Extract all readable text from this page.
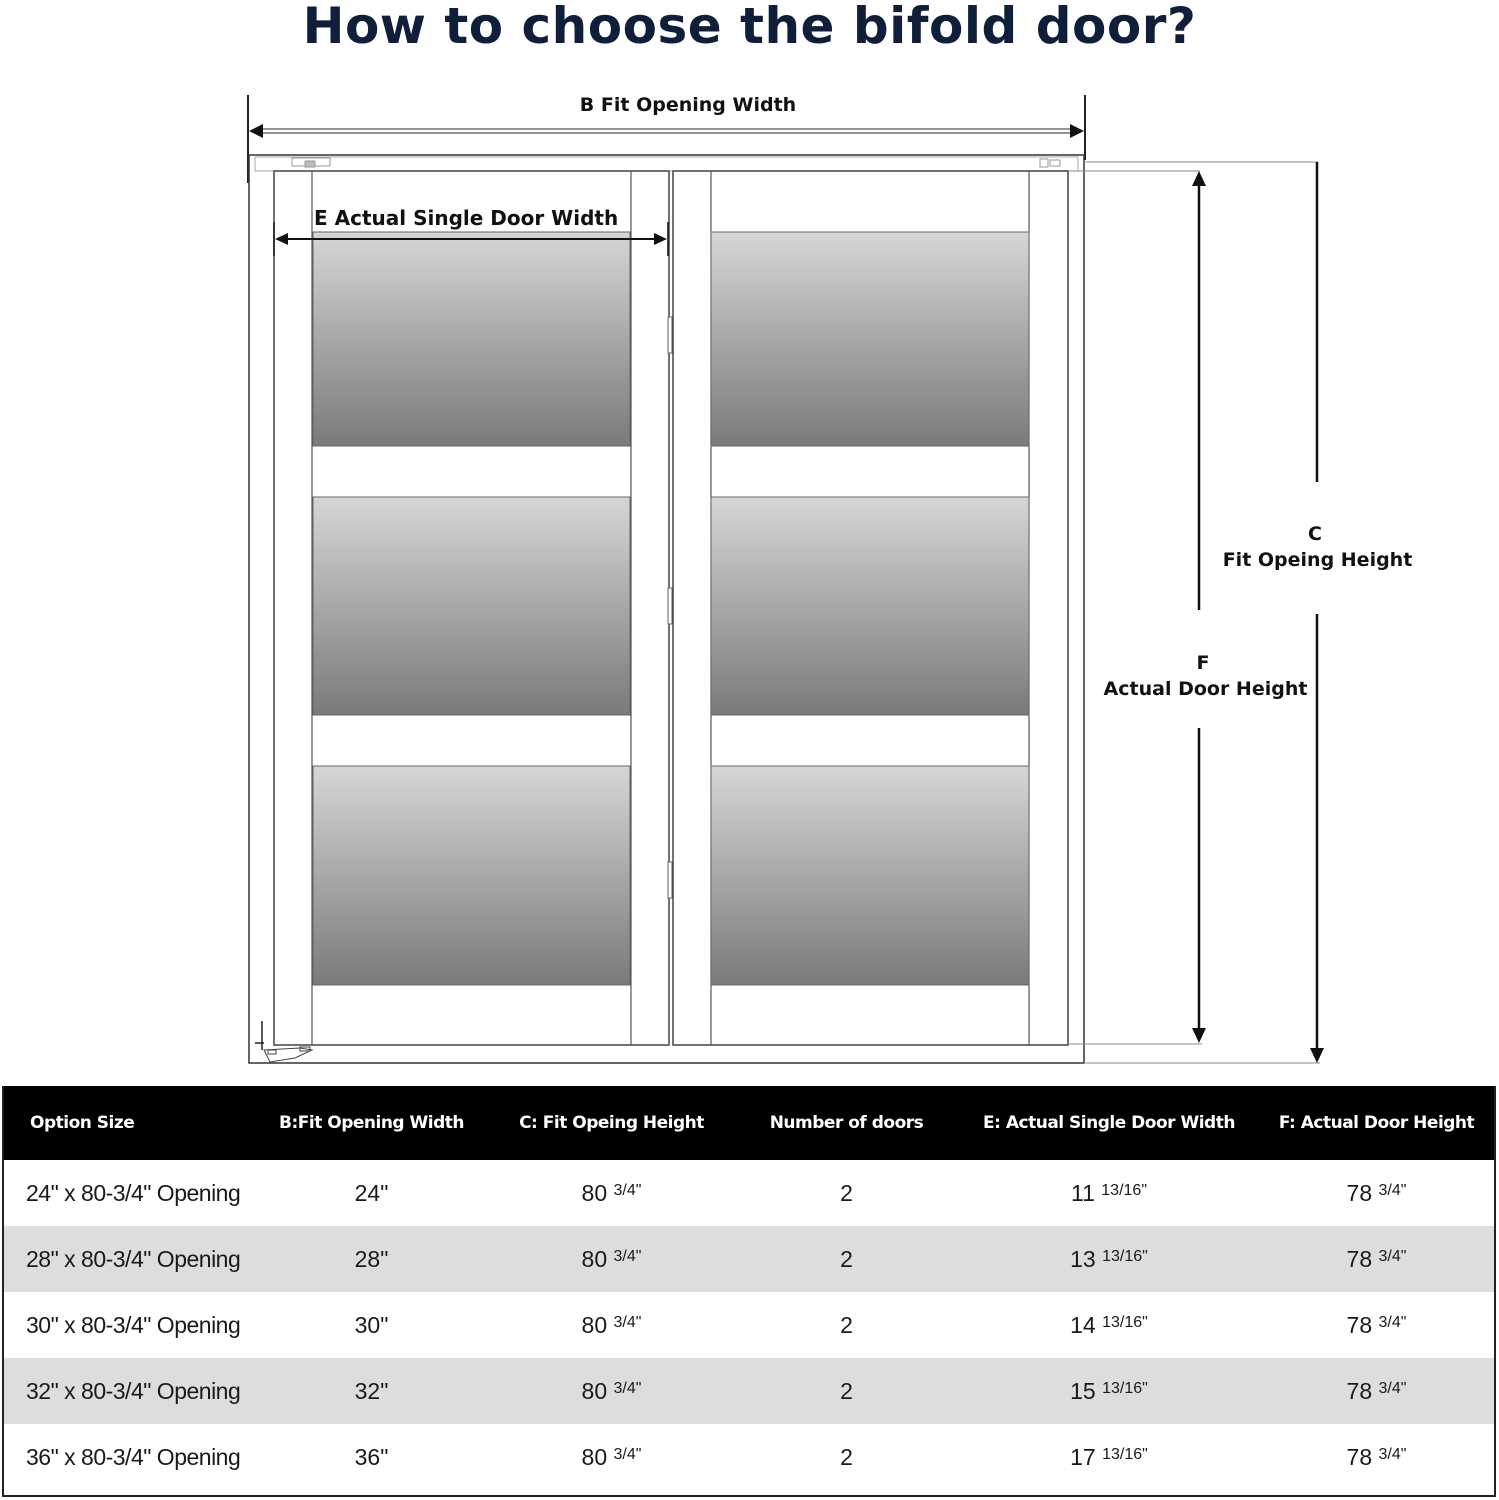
How to choose the bifold door?
B Fit Opening Width
E Actual Single Door Width
C
Fit Opeing Height
F
Actual Door Height
Option Size	B:Fit Opening Width	C: Fit Opeing Height	Number of doors	E: Actual Single Door Width	F: Actual Door Height
24" x 80-3/4" Opening	24"	80 $^{3/4"}$	2	11 $^{13/16"}$	78 $^{3/4"}$
28" x 80-3/4" Opening	28"	80 $^{3/4"}$	2	13 $^{13/16"}$	78 $^{3/4"}$
30" x 80-3/4" Opening	30"	80 $^{3/4"}$	2	14 $^{13/16"}$	78 $^{3/4"}$
32" x 80-3/4" Opening	32"	80 $^{3/4"}$	2	15 $^{13/16"}$	78 $^{3/4"}$
36" x 80-3/4" Opening	36"	80 $^{3/4"}$	2	17 $^{13/16"}$	78 $^{3/4"}$
